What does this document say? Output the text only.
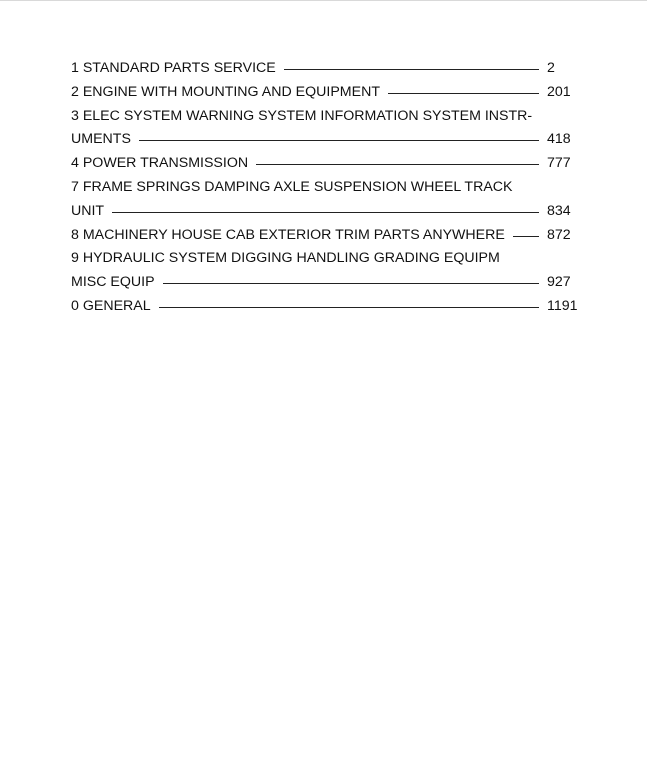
1 STANDARD PARTS SERVICE	2
2 ENGINE WITH MOUNTING AND EQUIPMENT	201
3 ELEC SYSTEM WARNING SYSTEM INFORMATION SYSTEM INSTR-
UMENTS	418
4 POWER TRANSMISSION	777
7 FRAME SPRINGS DAMPING AXLE SUSPENSION WHEEL TRACK
UNIT	834
8 MACHINERY HOUSE CAB EXTERIOR TRIM PARTS ANYWHERE	872
9 HYDRAULIC SYSTEM DIGGING HANDLING GRADING EQUIPM
MISC EQUIP	927
0 GENERAL	1191
